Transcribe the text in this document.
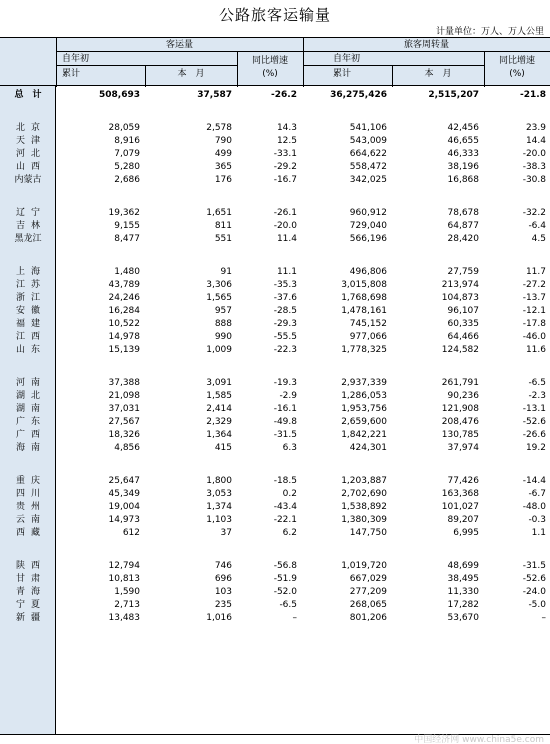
公路旅客运输量
计量单位：万人、万人公里
客运量	旅客周转量
自年初
累计	本　月
同比增速
(%)
自年初
累计	本　月
同比增速
(%)
总　计	508,693	37,587	-26.2	36,275,426	2,515,207	-21.8
北京	28,059	2,578	14.3	541,106	42,456	23.9
天津	8,916	790	12.5	543,009	46,655	14.4
河北	7,079	499	-33.1	664,622	46,333	-20.0
山西	5,280	365	-29.2	558,472	38,196	-38.3
内蒙古	2,686	176	-16.7	342,025	16,868	-30.8
辽宁	19,362	1,651	-26.1	960,912	78,678	-32.2
吉林	9,155	811	-20.0	729,040	64,877	-6.4
黑龙江	8,477	551	11.4	566,196	28,420	4.5
上海	1,480	91	11.1	496,806	27,759	11.7
江苏	43,789	3,306	-35.3	3,015,808	213,974	-27.2
浙江	24,246	1,565	-37.6	1,768,698	104,873	-13.7
安徽	16,284	957	-28.5	1,478,161	96,107	-12.1
福建	10,522	888	-29.3	745,152	60,335	-17.8
江西	14,978	990	-55.5	977,066	64,466	-46.0
山东	15,139	1,009	-22.3	1,778,325	124,582	11.6
河南	37,388	3,091	-19.3	2,937,339	261,791	-6.5
湖北	21,098	1,585	-2.9	1,286,053	90,236	-2.3
湖南	37,031	2,414	-16.1	1,953,756	121,908	-13.1
广东	27,567	2,329	-49.8	2,659,600	208,476	-52.6
广西	18,326	1,364	-31.5	1,842,221	130,785	-26.6
海南	4,856	415	6.3	424,301	37,974	19.2
重庆	25,647	1,800	-18.5	1,203,887	77,426	-14.4
四川	45,349	3,053	0.2	2,702,690	163,368	-6.7
贵州	19,004	1,374	-43.4	1,538,892	101,027	-48.0
云南	14,973	1,103	-22.1	1,380,309	89,207	-0.3
西藏	612	37	6.2	147,750	6,995	1.1
陕西	12,794	746	-56.8	1,019,720	48,699	-31.5
甘肃	10,813	696	-51.9	667,029	38,495	-52.6
青海	1,590	103	-52.0	277,209	11,330	-24.0
宁夏	2,713	235	-6.5	268,065	17,282	-5.0
新疆	13,483	1,016	–	801,206	53,670	–
中国经济网 www.china5e.com
